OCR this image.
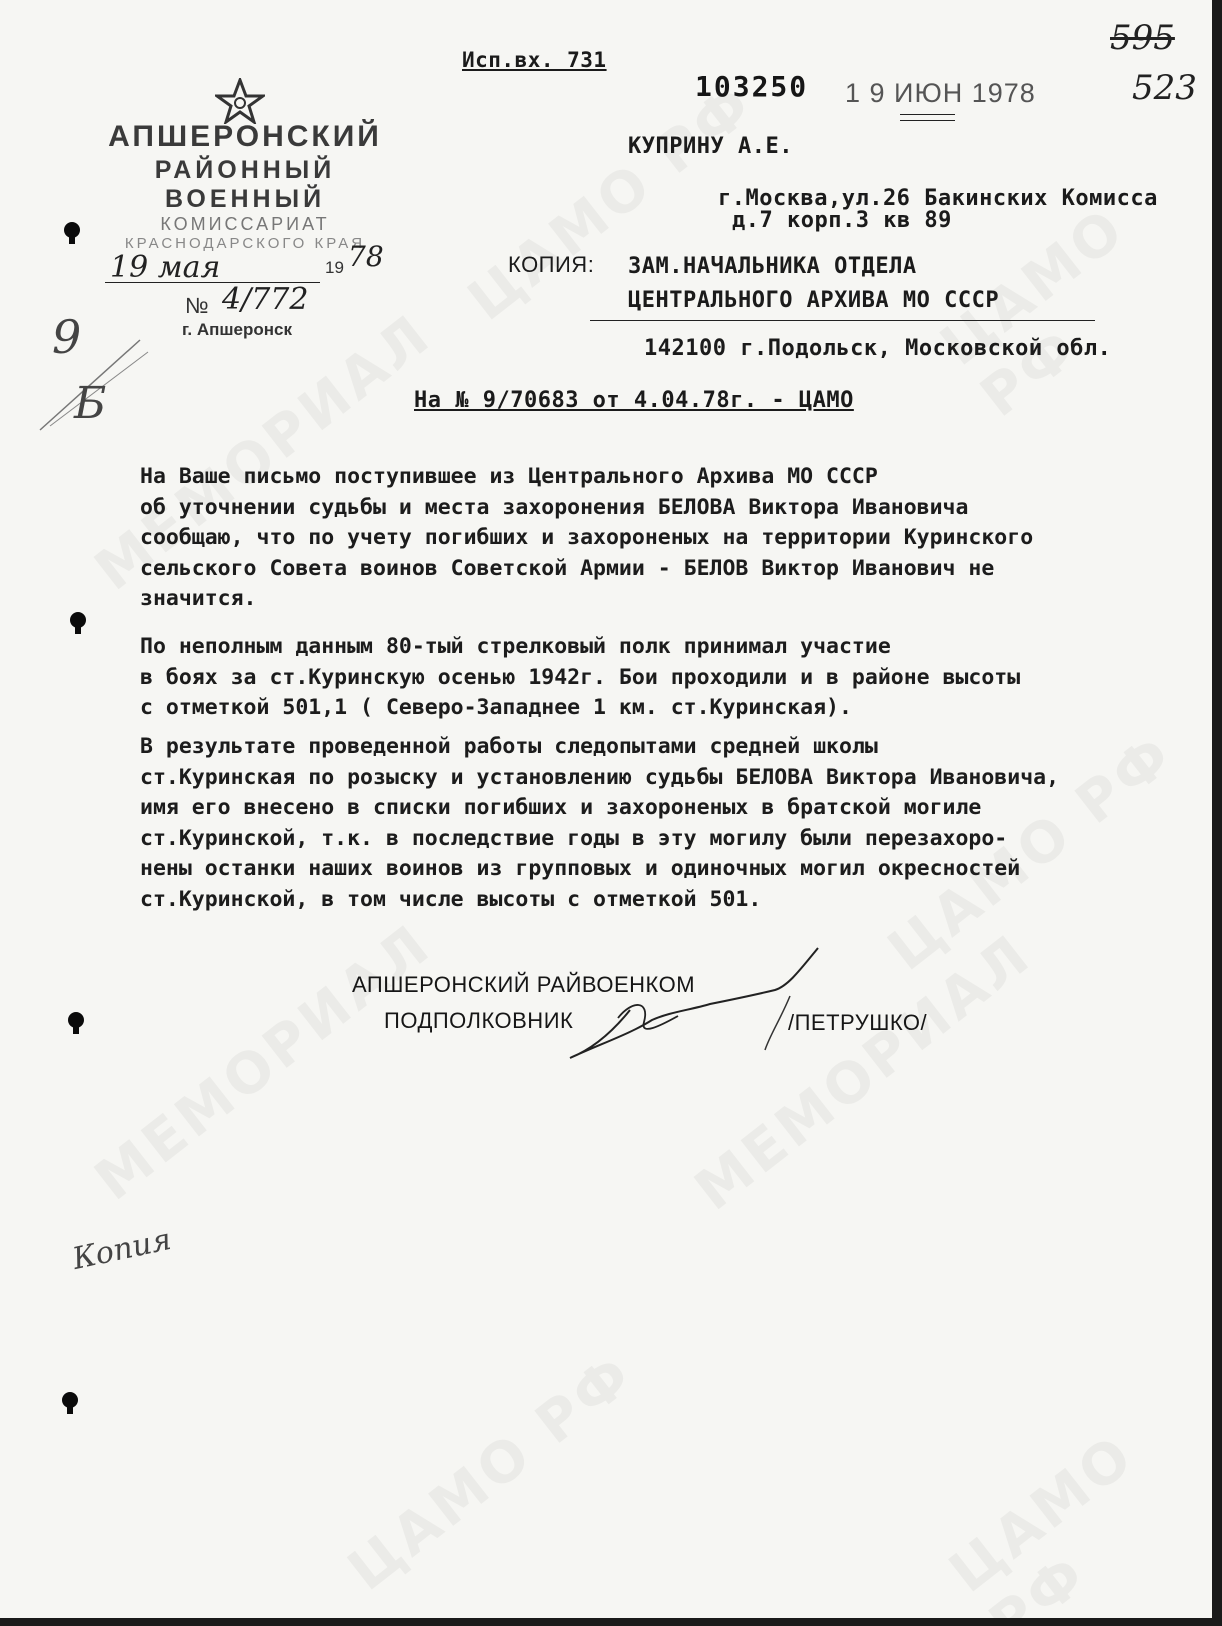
Исп.вх. 731
103250 1 9 ИЮН 1978
595
523
АПШЕРОНСКИЙ
РАЙОННЫЙ ВОЕННЫЙ
КОМИССАРИАТ
КРАСНОДАРСКОГО КРАЯ
19 мая	19 78
№ 4/772
г. Апшеронск
9
Б
Копия
КУПРИНУ А.Е.
г.Москва,ул.26 Бакинских Комисса
д.7 корп.3 кв 89
КОПИЯ: ЗАМ.НАЧАЛЬНИКА ОТДЕЛА
ЦЕНТРАЛЬНОГО АРХИВА МО СССР
142100 г.Подольск, Московской обл.
На № 9/70683 от 4.04.78г. - ЦАМО
На Ваше письмо поступившее из Центрального Архива МО СССР
об уточнении судьбы и места захоронения БЕЛОВА Виктора Ивановича
сообщаю, что по учету погибших и захороненых на территории Куринского
сельского Совета воинов Советской Армии - БЕЛОВ Виктор Иванович не
значится.
По неполным данным 80-тый стрелковый полк принимал участие
в боях за ст.Куринскую осенью 1942г. Бои проходили и в районе высоты
с отметкой 501,1 ( Северо-Западнее 1 км. ст.Куринская).
В результате проведенной работы следопытами средней школы
ст.Куринская по розыску и установлению судьбы БЕЛОВА Виктора Ивановича,
имя его внесено в списки погибших и захороненых в братской могиле
ст.Куринской, т.к. в последствие годы в эту могилу были перезахоро-
нены останки наших воинов из групповых и одиночных могил окресностей
ст.Куринской, в том числе высоты с отметкой 501.
АПШЕРОНСКИЙ РАЙВОЕНКОМ
ПОДПОЛКОВНИК	/ПЕТРУШКО/
